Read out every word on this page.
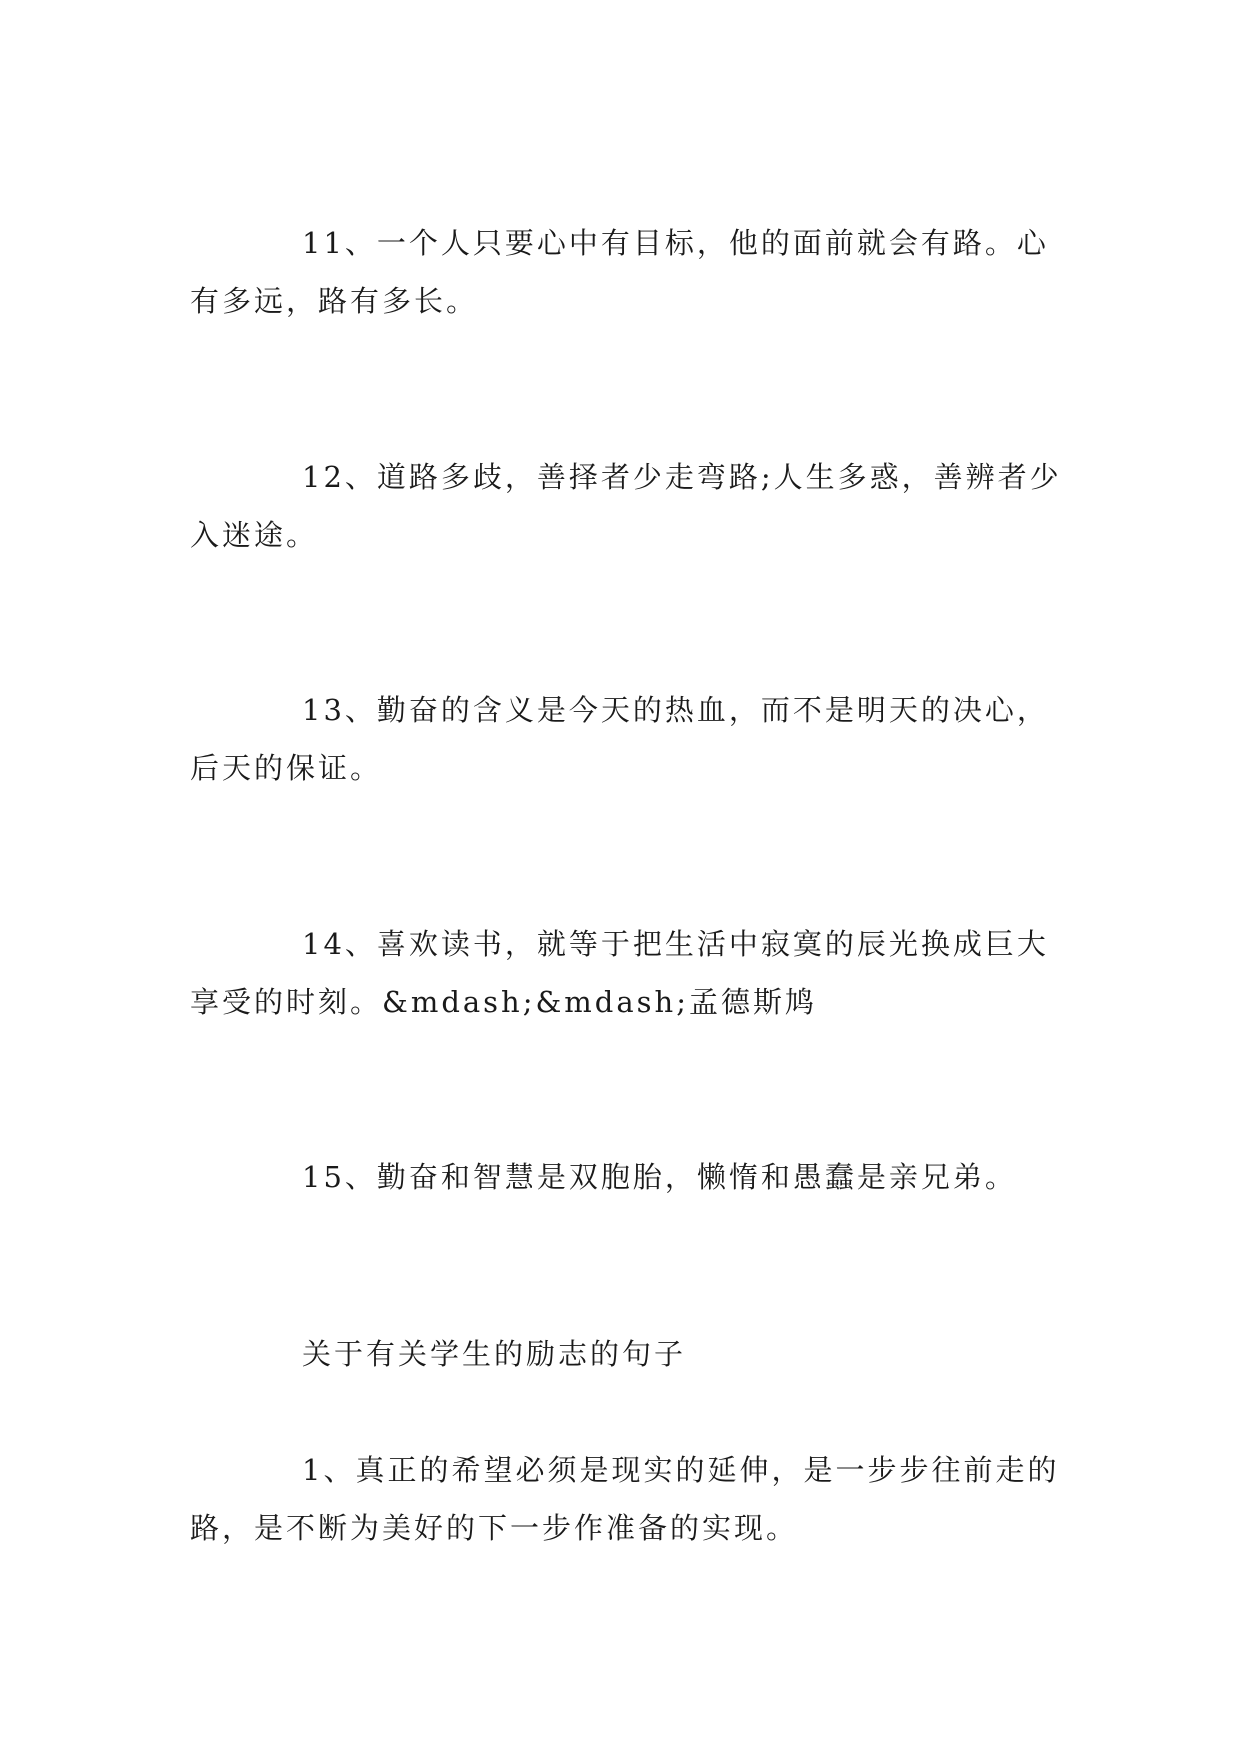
11、一个人只要心中有目标，他的面前就会有路。心有多远，路有多长。

12、道路多歧，善择者少走弯路;人生多惑，善辨者少入迷途。

13、勤奋的含义是今天的热血，而不是明天的决心，后天的保证。

14、喜欢读书，就等于把生活中寂寞的辰光换成巨大享受的时刻。&mdash;&mdash;孟德斯鸠

15、勤奋和智慧是双胞胎，懒惰和愚蠢是亲兄弟。

关于有关学生的励志的句子

1、真正的希望必须是现实的延伸，是一步步往前走的路，是不断为美好的下一步作准备的实现。
